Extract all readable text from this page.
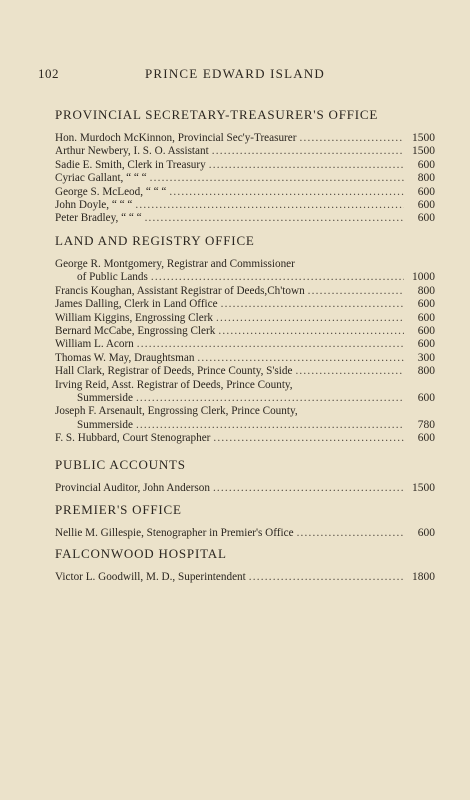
102	PRINCE EDWARD ISLAND
PROVINCIAL SECRETARY-TREASURER'S OFFICE
Hon. Murdoch McKinnon, Provincial Sec'y-Treasurer .....	1500
Arthur Newbery, I. S. O. Assistant .....	1500
Sadie E. Smith, Clerk in Treasury .....	600
Cyriac Gallant, “ “ “ .....	800
George S. McLeod, “ “ “ .....	600
John Doyle, “ “ “ .....	600
Peter Bradley, “ “ “ .....	600
LAND AND REGISTRY OFFICE
George R. Montgomery, Registrar and Commissioner
of Public Lands .....	1000
Francis Koughan, Assistant Registrar of Deeds,Ch'town .....	800
James Dalling, Clerk in Land Office .....	600
William Kiggins, Engrossing Clerk .....	600
Bernard McCabe, Engrossing Clerk .....	600
William L. Acorn .....	600
Thomas W. May, Draughtsman .....	300
Hall Clark, Registrar of Deeds, Prince County, S'side .....	800
Irving Reid, Asst. Registrar of Deeds, Prince County,
Summerside .....	600
Joseph F. Arsenault, Engrossing Clerk, Prince County,
Summerside .....	780
F. S. Hubbard, Court Stenographer .....	600
PUBLIC ACCOUNTS
Provincial Auditor, John Anderson .....	1500
PREMIER'S OFFICE
Nellie M. Gillespie, Stenographer in Premier's Office .....	600
FALCONWOOD HOSPITAL
Victor L. Goodwill, M. D., Superintendent .....	1800
